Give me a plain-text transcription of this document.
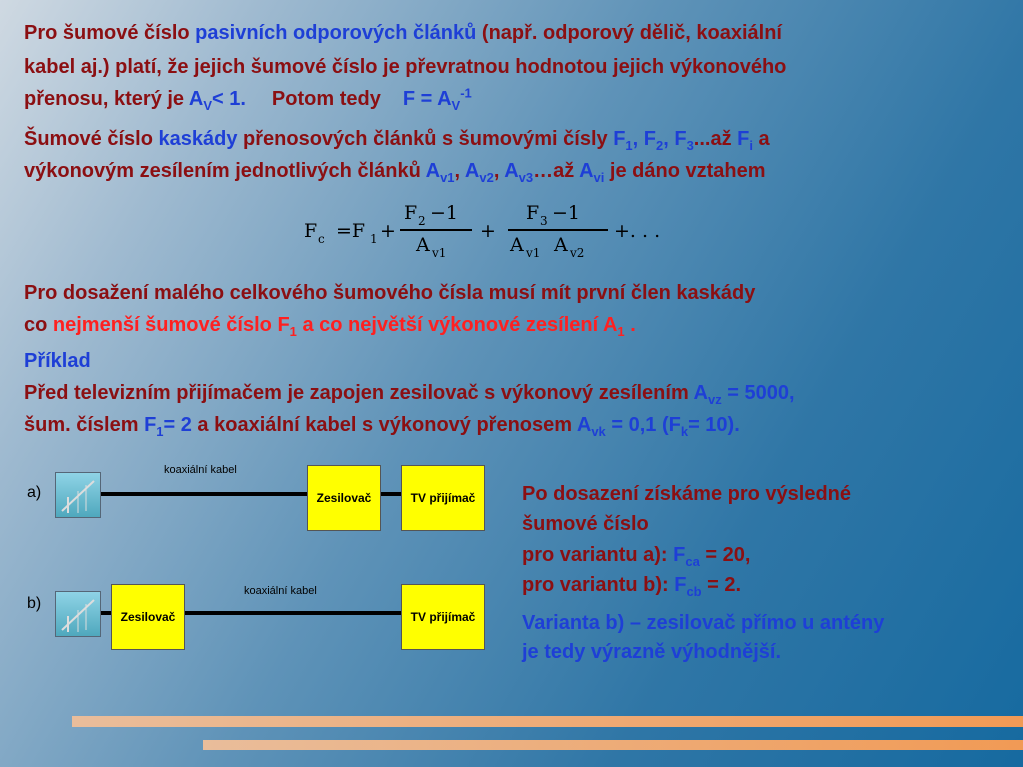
Pro šumové číslo pasivních odporových článků (např. odporový dělič, koaxiální
kabel aj.) platí, že jejich šumové číslo je převratnou hodnotou jejich výkonového
přenosu, který je $A_V< 1$. Potom tedy $F = A_V^{-1}$
Šumové číslo kaskády přenosových článků s šumovými čísly $F_1$, $F_2$, $F_3...až$ $F_i$ a
výkonovým zesílením jednotlivých článků $A_{v1}$, $A_{v2}$, $A_{v3}\dots až$ $A_{vi}$ je dáno vztahem
F c =F 1 +
F 2 −1
A v1
+
F 3 −1
A v1 A v2
+. . .
Pro dosažení malého celkového šumového čísla musí mít první člen kaskády
co nejmenší šumové číslo $F_1$ a co největší výkonové zesílení $A_1$ .
Příklad
Před televizním přijímačem je zapojen zesilovač s výkonový zesílením $A_{vz} = 5000$,
šum. číslem $F_1= 2$ a koaxiální kabel s výkonový přenosem $A_{vk} = 0,1$ $(F_k= 10)$.
a)
koaxiální kabel
Zesilovač	TV přijímač
b)
Zesilovač
koaxiální kabel
TV přijímač
Po dosazení získáme pro výsledné
šumové číslo
pro variantu a): $F_{ca} = 20$,
pro variantu b): $F_{cb} = 2$.
Varianta b) – zesilovač přímo u antény
je tedy výrazně výhodnější.
